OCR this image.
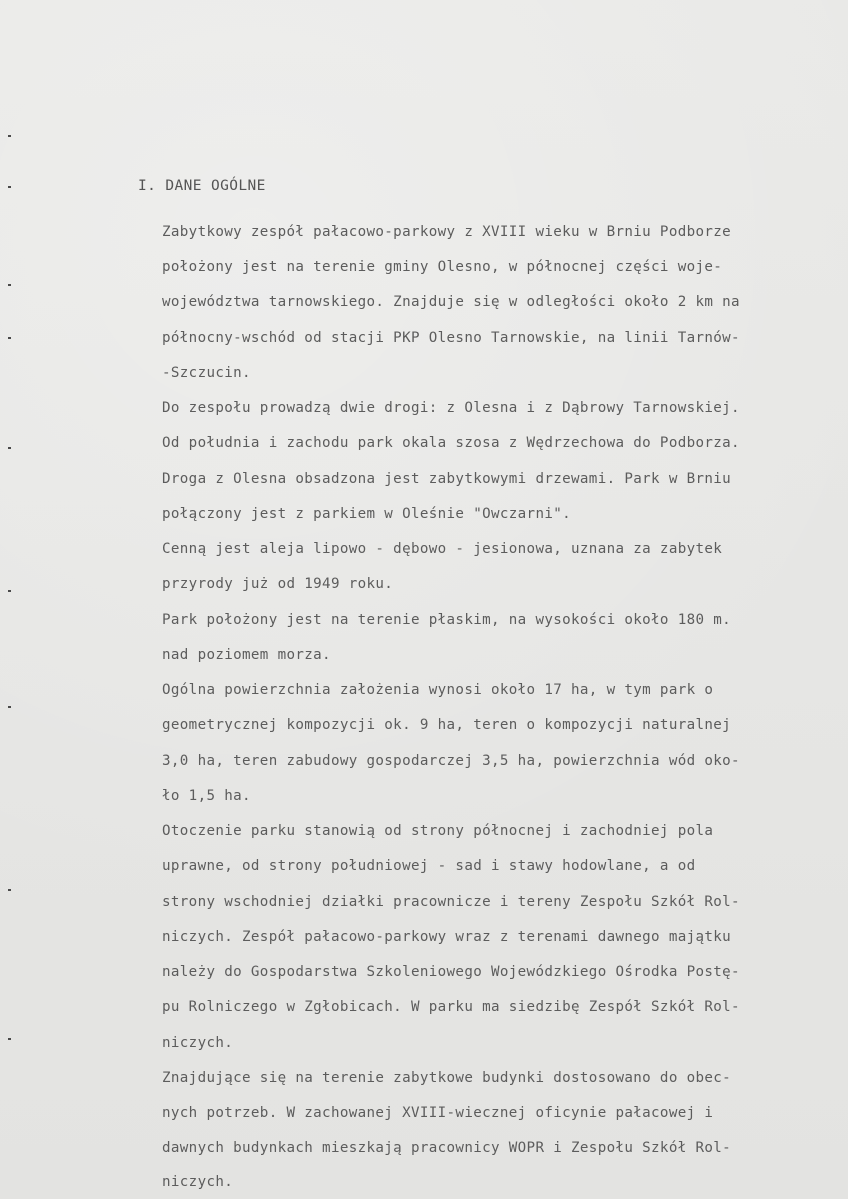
I. DANE OGÓLNE
Zabytkowy zespół pałacowo-parkowy z XVIII wieku w Brniu Podborze
położony jest na terenie gminy Olesno, w północnej części woje-
województwa tarnowskiego. Znajduje się w odległości około 2 km na
północny-wschód od stacji PKP Olesno Tarnowskie, na linii Tarnów-
-Szczucin.
Do zespołu prowadzą dwie drogi: z Olesna i z Dąbrowy Tarnowskiej.
Od południa i zachodu park okala szosa z Wędrzechowa do Podborza.
Droga z Olesna obsadzona jest zabytkowymi drzewami. Park w Brniu
połączony jest z parkiem w Oleśnie "Owczarni".
Cenną jest aleja lipowo - dębowo - jesionowa, uznana za zabytek
przyrody już od 1949 roku.
Park położony jest na terenie płaskim, na wysokości około 180 m.
nad poziomem morza.
Ogólna powierzchnia założenia wynosi około 17 ha, w tym park o
geometrycznej kompozycji ok. 9 ha, teren o kompozycji naturalnej
3,0 ha, teren zabudowy gospodarczej 3,5 ha, powierzchnia wód oko-
ło 1,5 ha.
Otoczenie parku stanowią od strony północnej i zachodniej pola
uprawne, od strony południowej - sad i stawy hodowlane, a od
strony wschodniej działki pracownicze i tereny Zespołu Szkół Rol-
niczych. Zespół pałacowo-parkowy wraz z terenami dawnego majątku
należy do Gospodarstwa Szkoleniowego Wojewódzkiego Ośrodka Postę-
pu Rolniczego w Zgłobicach. W parku ma siedzibę Zespół Szkół Rol-
niczych.
Znajdujące się na terenie zabytkowe budynki dostosowano do obec-
nych potrzeb. W zachowanej XVIII-wiecznej oficynie pałacowej i
dawnych budynkach mieszkają pracownicy WOPR i Zespołu Szkół Rol-
niczych.
